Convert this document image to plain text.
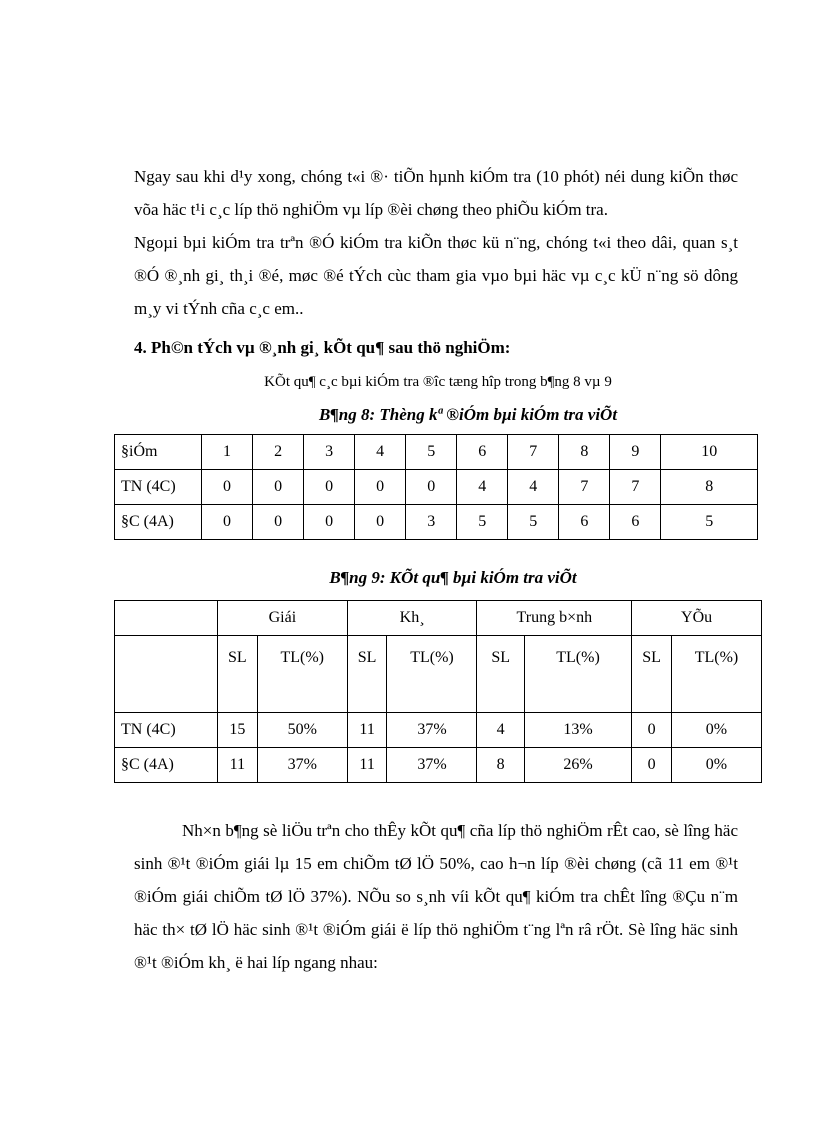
Ngay sau khi d¹y xong, chóng t«i ®· tiÕn hµnh kiÓm tra (10 phót) néi dung kiÕn thøc võa häc t¹i c¸c líp thö nghiÖm vµ líp ®èi chøng theo phiÕu kiÓm tra.

Ngoµi bµi kiÓm tra trªn ®Ó kiÓm tra kiÕn thøc kü n¨ng, chóng t«i theo dâi, quan s¸t ®Ó ®¸nh gi¸ th¸i ®é, møc ®é tÝch cùc tham gia vµo bµi häc vµ c¸c kÜ n¨ng sö dông m¸y vi tÝnh cña c¸c em..

4. Ph©n tÝch vµ ®¸nh gi¸ kÕt qu¶ sau thö nghiÖm:

KÕt qu¶ c¸c bµi kiÓm tra ®îc tæng hîp trong b¶ng 8 vµ 9

B¶ng 8: Thèng kª ®iÓm bµi kiÓm tra viÕt

§iÓm	1	2	3	4	5	6	7	8	9	10
TN (4C)	0	0	0	0	0	4	4	7	7	8
§C (4A)	0	0	0	0	3	5	5	6	6	5

B¶ng 9: KÕt qu¶ bµi kiÓm tra viÕt

	Giái		Kh¸		Trung b×nh		YÕu	
	SL	TL(%)	SL	TL(%)	SL	TL(%)	SL	TL(%)
TN (4C)	15	50%	11	37%	4	13%	0	0%
§C (4A)	11	37%	11	37%	8	26%	0	0%

Nh×n b¶ng sè liÖu trªn cho thÊy kÕt qu¶ cña líp thö nghiÖm rÊt cao, sè lîng häc sinh ®¹t ®iÓm giái lµ 15 em chiÕm tØ lÖ 50%, cao h¬n líp ®èi chøng (cã 11 em ®¹t ®iÓm giái chiÕm tØ lÖ 37%). NÕu so s¸nh víi kÕt qu¶ kiÓm tra chÊt lîng ®Çu n¨m häc th× tØ lÖ häc sinh ®¹t ®iÓm giái ë líp thö nghiÖm t¨ng lªn râ rÖt. Sè lîng häc sinh ®¹t ®iÓm kh¸ ë hai líp ngang nhau:
